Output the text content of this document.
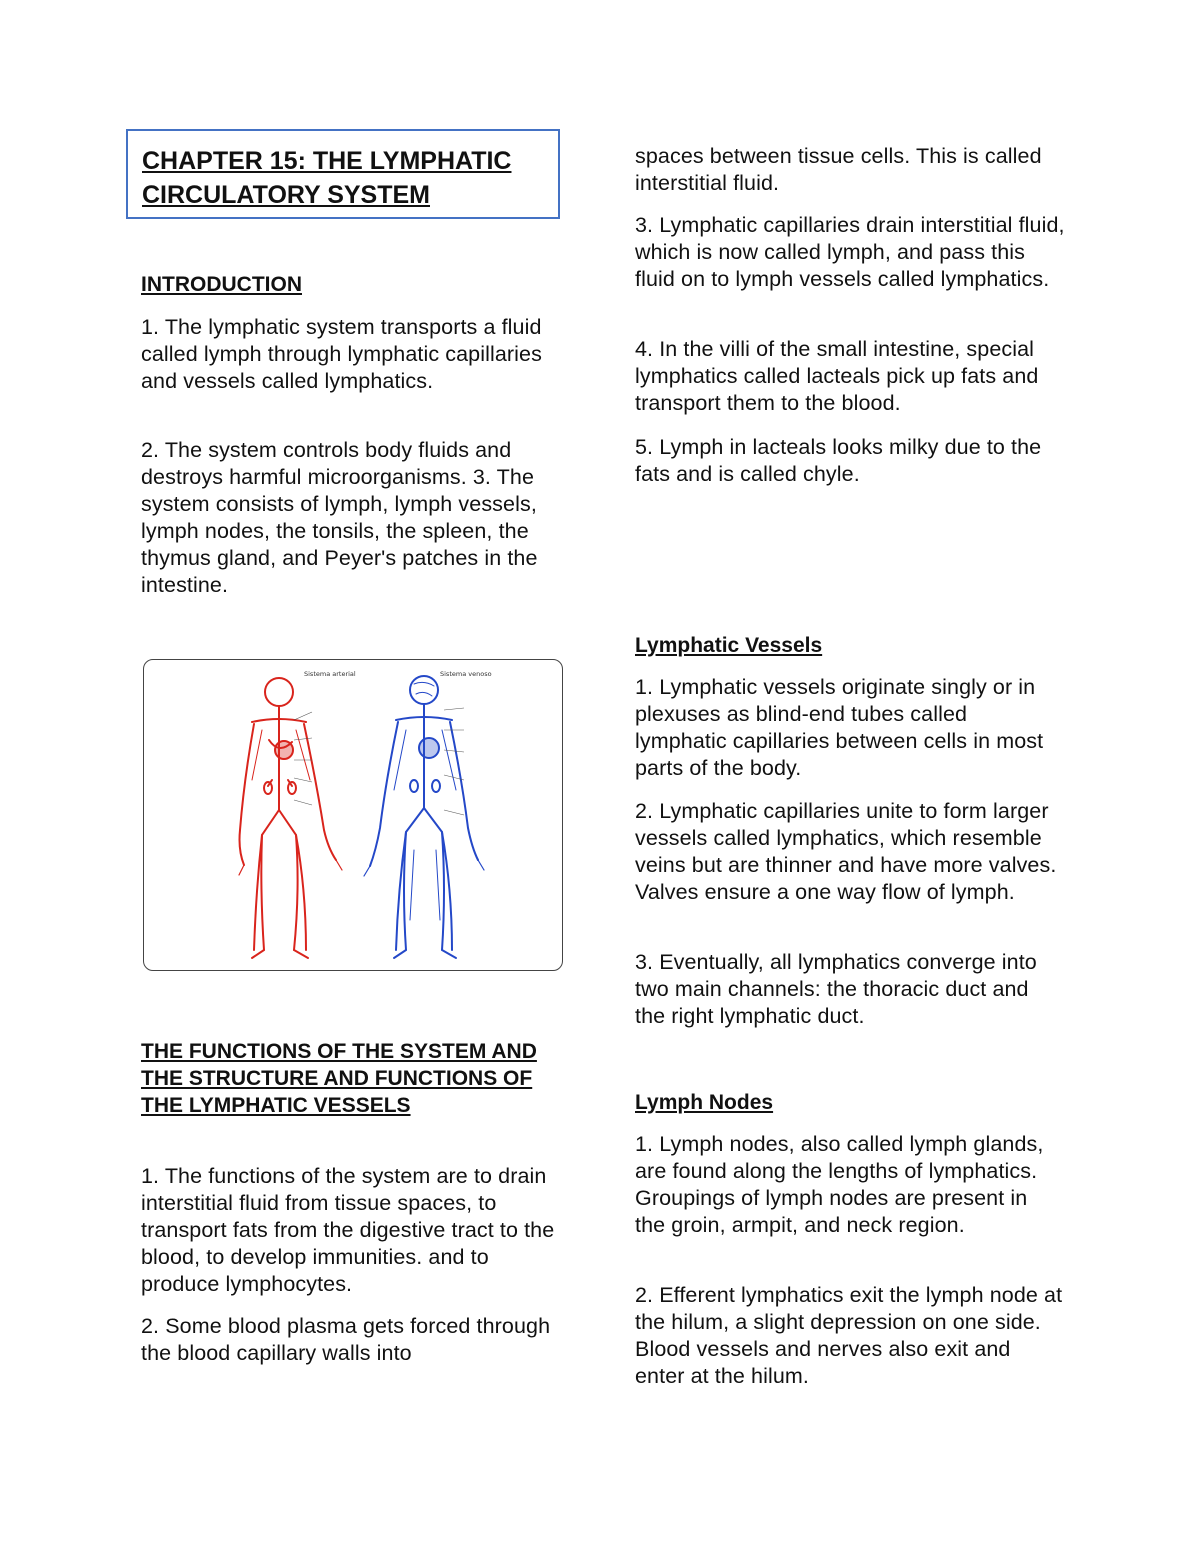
CHAPTER 15: THE LYMPHATIC CIRCULATORY SYSTEM
INTRODUCTION

1. The lymphatic system transports a fluid called lymph through lymphatic capillaries and vessels called lymphatics.

2. The system controls body fluids and destroys harmful microorganisms. 3. The system consists of lymph, lymph vessels, lymph nodes, the tonsils, the spleen, the thymus gland, and Peyer's patches in the intestine.

Sistema arterial	Sistema venoso
THE FUNCTIONS OF THE SYSTEM AND THE STRUCTURE AND FUNCTIONS OF THE LYMPHATIC VESSELS

1. The functions of the system are to drain interstitial fluid from tissue spaces, to transport fats from the digestive tract to the blood, to develop immunities. and to produce lymphocytes.

2. Some blood plasma gets forced through the blood capillary walls into

spaces between tissue cells. This is called interstitial fluid.

3. Lymphatic capillaries drain interstitial fluid, which is now called lymph, and pass this fluid on to lymph vessels called lymphatics.

4. In the villi of the small intestine, special lymphatics called lacteals pick up fats and transport them to the blood.

5. Lymph in lacteals looks milky due to the fats and is called chyle.

Lymphatic Vessels

1. Lymphatic vessels originate singly or in plexuses as blind-end tubes called lymphatic capillaries between cells in most parts of the body.

2. Lymphatic capillaries unite to form larger vessels called lymphatics, which resemble veins but are thinner and have more valves. Valves ensure a one way flow of lymph.

3. Eventually, all lymphatics converge into two main channels: the thoracic duct and the right lymphatic duct.

Lymph Nodes

1. Lymph nodes, also called lymph glands, are found along the lengths of lymphatics. Groupings of lymph nodes are present in the groin, armpit, and neck region.

2. Efferent lymphatics exit the lymph node at the hilum, a slight depression on one side. Blood vessels and nerves also exit and enter at the hilum.
